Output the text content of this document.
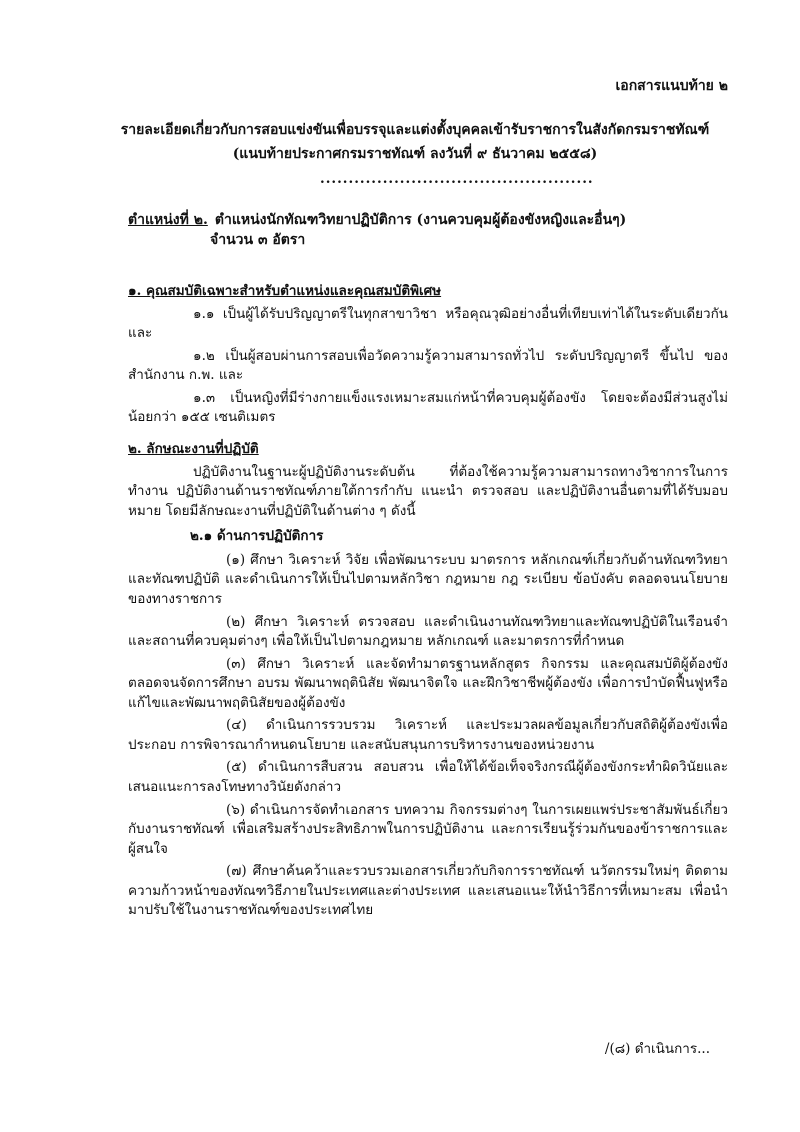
เอกสารแนบท้าย ๒
รายละเอียดเกี่ยวกับการสอบแข่งขันเพื่อบรรจุและแต่งตั้งบุคคลเข้ารับราชการในสังกัดกรมราชทัณฑ์
(แนบท้ายประกาศกรมราชทัณฑ์ ลงวันที่ ๙ ธันวาคม ๒๕๕๘)
................................................
ตำแหน่งที่ ๒. ตำแหน่งนักทัณฑวิทยาปฏิบัติการ (งานควบคุมผู้ต้องขังหญิงและอื่นๆ)
จำนวน ๓ อัตรา
๑. คุณสมบัติเฉพาะสำหรับตำแหน่งและคุณสมบัติพิเศษ
๑.๑ เป็นผู้ได้รับปริญญาตรีในทุกสาขาวิชา หรือคุณวุฒิอย่างอื่นที่เทียบเท่าได้ในระดับเดียวกัน และ
๑.๒ เป็นผู้สอบผ่านการสอบเพื่อวัดความรู้ความสามารถทั่วไป ระดับปริญญาตรี ขึ้นไป ของสำนักงาน ก.พ. และ
๑.๓ เป็นหญิงที่มีร่างกายแข็งแรงเหมาะสมแก่หน้าที่ควบคุมผู้ต้องขัง โดยจะต้องมีส่วนสูงไม่น้อยกว่า ๑๕๕ เซนติเมตร
๒. ลักษณะงานที่ปฏิบัติ
ปฏิบัติงานในฐานะผู้ปฏิบัติงานระดับต้น ที่ต้องใช้ความรู้ความสามารถทางวิชาการในการทำงาน ปฏิบัติงานด้านราชทัณฑ์ภายใต้การกำกับ แนะนำ ตรวจสอบ และปฏิบัติงานอื่นตามที่ได้รับมอบหมาย โดยมีลักษณะงานที่ปฏิบัติในด้านต่าง ๆ ดังนี้
๒.๑ ด้านการปฏิบัติการ
(๑) ศึกษา วิเคราะห์ วิจัย เพื่อพัฒนาระบบ มาตรการ หลักเกณฑ์เกี่ยวกับด้านทัณฑวิทยาและทัณฑปฏิบัติ และดำเนินการให้เป็นไปตามหลักวิชา กฎหมาย กฎ ระเบียบ ข้อบังคับ ตลอดจนนโยบายของทางราชการ
(๒) ศึกษา วิเคราะห์ ตรวจสอบ และดำเนินงานทัณฑวิทยาและทัณฑปฏิบัติในเรือนจำและสถานที่ควบคุมต่างๆ เพื่อให้เป็นไปตามกฎหมาย หลักเกณฑ์ และมาตรการที่กำหนด
(๓) ศึกษา วิเคราะห์ และจัดทำมาตรฐานหลักสูตร กิจกรรม และคุณสมบัติผู้ต้องขัง ตลอดจนจัดการศึกษา อบรม พัฒนาพฤตินิสัย พัฒนาจิตใจ และฝึกวิชาชีพผู้ต้องขัง เพื่อการบำบัดฟื้นฟูหรือแก้ไขและพัฒนาพฤตินิสัยของผู้ต้องขัง
(๔) ดำเนินการรวบรวม วิเคราะห์ และประมวลผลข้อมูลเกี่ยวกับสถิติผู้ต้องขังเพื่อประกอบ การพิจารณากำหนดนโยบาย และสนับสนุนการบริหารงานของหน่วยงาน
(๕) ดำเนินการสืบสวน สอบสวน เพื่อให้ได้ข้อเท็จจริงกรณีผู้ต้องขังกระทำผิดวินัยและเสนอแนะการลงโทษทางวินัยดังกล่าว
(๖) ดำเนินการจัดทำเอกสาร บทความ กิจกรรมต่างๆ ในการเผยแพร่ประชาสัมพันธ์เกี่ยวกับงานราชทัณฑ์ เพื่อเสริมสร้างประสิทธิภาพในการปฏิบัติงาน และการเรียนรู้ร่วมกันของข้าราชการและผู้สนใจ
(๗) ศึกษาค้นคว้าและรวบรวมเอกสารเกี่ยวกับกิจการราชทัณฑ์ นวัตกรรมใหม่ๆ ติดตามความก้าวหน้าของทัณฑวิธีภายในประเทศและต่างประเทศ และเสนอแนะให้นำวิธีการที่เหมาะสม เพื่อนำมาปรับใช้ในงานราชทัณฑ์ของประเทศไทย
/(๘) ดำเนินการ...
